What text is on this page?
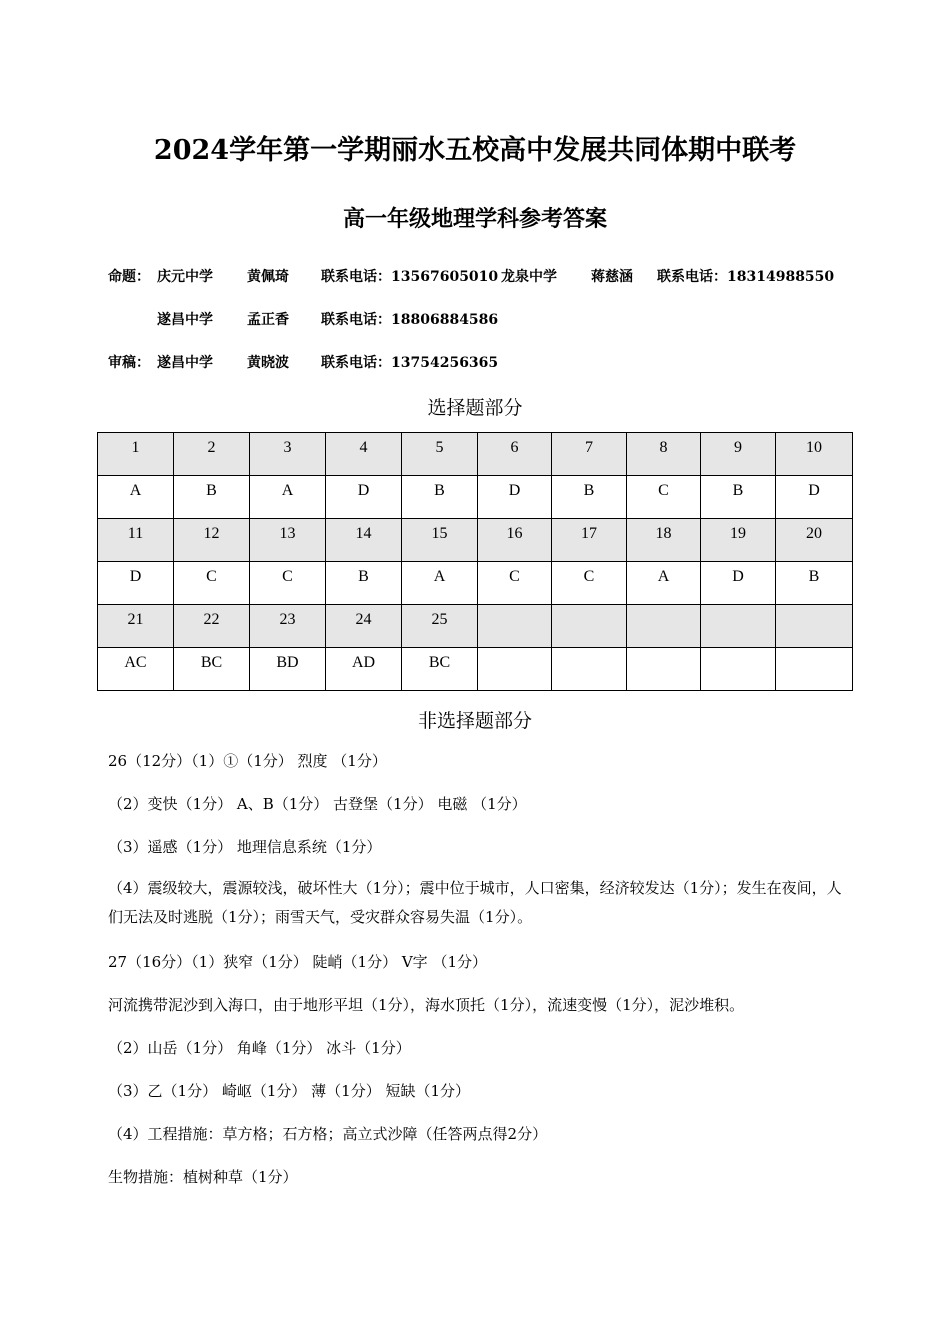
2024学年第一学期丽水五校高中发展共同体期中联考
高一年级地理学科参考答案
命题： 庆元中学 黄佩琦 联系电话：13567605010 龙泉中学 蒋慈涵 联系电话：18314988550
遂昌中学 孟正香 联系电话：18806884586
审稿： 遂昌中学 黄晓波 联系电话：13754256365
选择题部分
1	2	3	4	5	6	7	8	9	10
A	B	A	D	B	D	B	C	B	D
11	12	13	14	15	16	17	18	19	20
D	C	C	B	A	C	C	A	D	B
21	22	23	24	25					
AC	BC	BD	AD	BC					
非选择题部分
26（12分）（1）①（1分） 烈度 （1分）
（2）变快（1分） A、B（1分） 古登堡（1分） 电磁 （1分）
（3）遥感（1分） 地理信息系统（1分）
（4）震级较大，震源较浅，破坏性大（1分）；震中位于城市，人口密集，经济较发达（1分）；发生在夜间，人们无法及时逃脱（1分）；雨雪天气，受灾群众容易失温（1分）。
27（16分）（1）狭窄（1分） 陡峭（1分） V字 （1分）
河流携带泥沙到入海口，由于地形平坦（1分），海水顶托（1分），流速变慢（1分），泥沙堆积。
（2）山岳（1分） 角峰（1分） 冰斗（1分）
（3）乙（1分） 崎岖（1分） 薄（1分） 短缺（1分）
（4）工程措施：草方格；石方格；高立式沙障（任答两点得2分）
生物措施：植树种草（1分）
